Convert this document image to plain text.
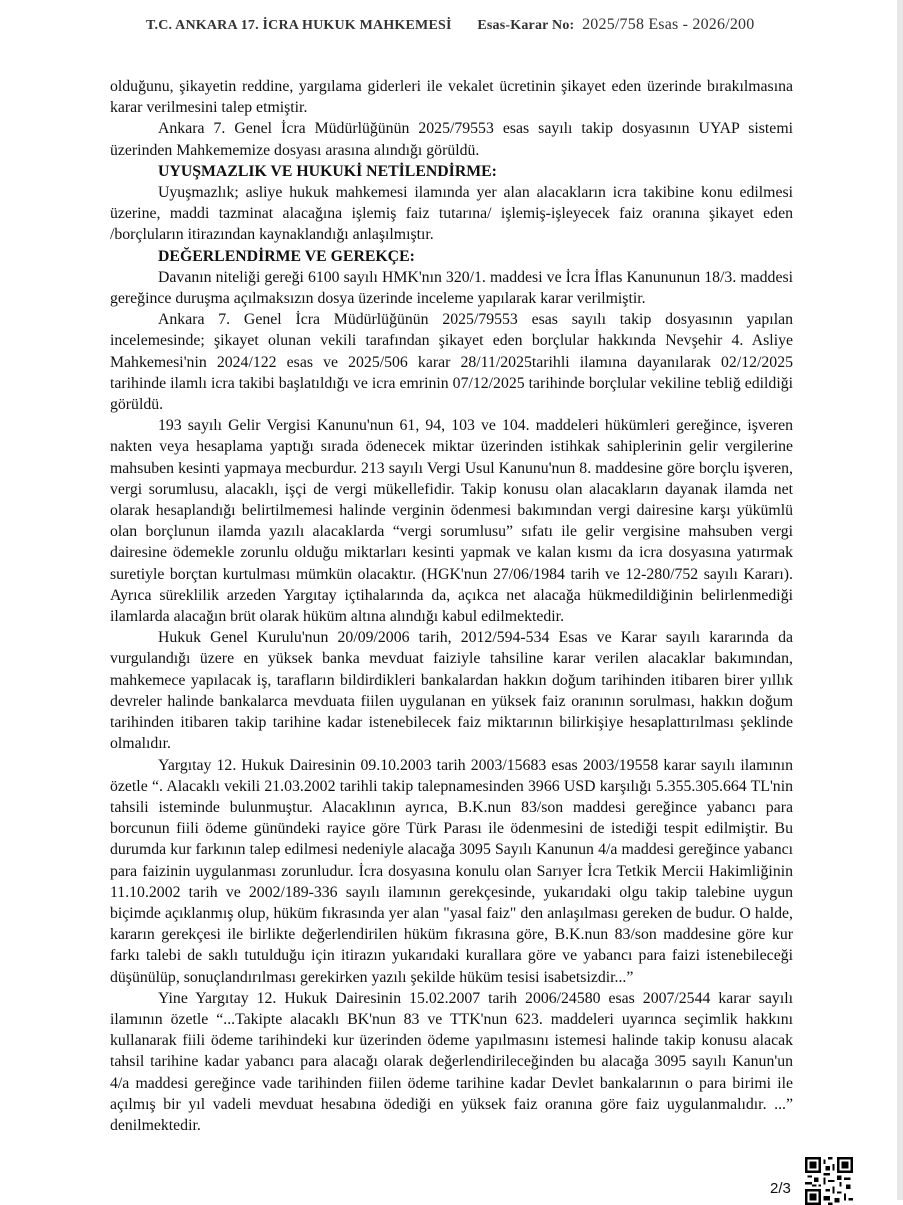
T.C. ANKARA 17. İCRA HUKUK MAHKEMESİ Esas-Karar No: 2025/758 Esas - 2026/200

olduğunu, şikayetin reddine, yargılama giderleri ile vekalet ücretinin şikayet eden üzerinde bırakılmasına karar verilmesini talep etmiştir.

Ankara 7. Genel İcra Müdürlüğünün 2025/79553 esas sayılı takip dosyasının UYAP sistemi üzerinden Mahkememize dosyası arasına alındığı görüldü.

UYUŞMAZLIK VE HUKUKİ NETİLENDİRME:

Uyuşmazlık; asliye hukuk mahkemesi ilamında yer alan alacakların icra takibine konu edilmesi üzerine, maddi tazminat alacağına işlemiş faiz tutarına/ işlemiş-işleyecek faiz oranına şikayet eden /borçluların itirazından kaynaklandığı anlaşılmıştır.

DEĞERLENDİRME VE GEREKÇE:

Davanın niteliği gereği 6100 sayılı HMK'nın 320/1. maddesi ve İcra İflas Kanununun 18/3. maddesi gereğince duruşma açılmaksızın dosya üzerinde inceleme yapılarak karar verilmiştir.

Ankara 7. Genel İcra Müdürlüğünün 2025/79553 esas sayılı takip dosyasının yapılan incelemesinde; şikayet olunan vekili tarafından şikayet eden borçlular hakkında Nevşehir 4. Asliye Mahkemesi'nin 2024/122 esas ve 2025/506 karar 28/11/2025tarihli ilamına dayanılarak 02/12/2025 tarihinde ilamlı icra takibi başlatıldığı ve icra emrinin 07/12/2025 tarihinde borçlular vekiline tebliğ edildiği görüldü.

193 sayılı Gelir Vergisi Kanunu'nun 61, 94, 103 ve 104. maddeleri hükümleri gereğince, işveren nakten veya hesaplama yaptığı sırada ödenecek miktar üzerinden istihkak sahiplerinin gelir vergilerine mahsuben kesinti yapmaya mecburdur. 213 sayılı Vergi Usul Kanunu'nun 8. maddesine göre borçlu işveren, vergi sorumlusu, alacaklı, işçi de vergi mükellefidir. Takip konusu olan alacakların dayanak ilamda net olarak hesaplandığı belirtilmemesi halinde verginin ödenmesi bakımından vergi dairesine karşı yükümlü olan borçlunun ilamda yazılı alacaklarda “vergi sorumlusu” sıfatı ile gelir vergisine mahsuben vergi dairesine ödemekle zorunlu olduğu miktarları kesinti yapmak ve kalan kısmı da icra dosyasına yatırmak suretiyle borçtan kurtulması mümkün olacaktır. (HGK'nun 27/06/1984 tarih ve 12-280/752 sayılı Kararı). Ayrıca süreklilik arzeden Yargıtay içtihalarında da, açıkca net alacağa hükmedildiğinin belirlenmediği ilamlarda alacağın brüt olarak hüküm altına alındığı kabul edilmektedir.

Hukuk Genel Kurulu'nun 20/09/2006 tarih, 2012/594-534 Esas ve Karar sayılı kararında da vurgulandığı üzere en yüksek banka mevduat faiziyle tahsiline karar verilen alacaklar bakımından, mahkemece yapılacak iş, tarafların bildirdikleri bankalardan hakkın doğum tarihinden itibaren birer yıllık devreler halinde bankalarca mevduata fiilen uygulanan en yüksek faiz oranının sorulması, hakkın doğum tarihinden itibaren takip tarihine kadar istenebilecek faiz miktarının bilirkişiye hesaplattırılması şeklinde olmalıdır.

Yargıtay 12. Hukuk Dairesinin 09.10.2003 tarih 2003/15683 esas 2003/19558 karar sayılı ilamının özetle “. Alacaklı vekili 21.03.2002 tarihli takip talepnamesinden 3966 USD karşılığı 5.355.305.664 TL'nin tahsili isteminde bulunmuştur. Alacaklının ayrıca, B.K.nun 83/son maddesi gereğince yabancı para borcunun fiili ödeme günündeki rayice göre Türk Parası ile ödenmesini de istediği tespit edilmiştir. Bu durumda kur farkının talep edilmesi nedeniyle alacağa 3095 Sayılı Kanunun 4/a maddesi gereğince yabancı para faizinin uygulanması zorunludur. İcra dosyasına konulu olan Sarıyer İcra Tetkik Mercii Hakimliğinin 11.10.2002 tarih ve 2002/189-336 sayılı ilamının gerekçesinde, yukarıdaki olgu takip talebine uygun biçimde açıklanmış olup, hüküm fıkrasında yer alan "yasal faiz" den anlaşılması gereken de budur. O halde, kararın gerekçesi ile birlikte değerlendirilen hüküm fıkrasına göre, B.K.nun 83/son maddesine göre kur farkı talebi de saklı tutulduğu için itirazın yukarıdaki kurallara göre ve yabancı para faizi istenebileceği düşünülüp, sonuçlandırılması gerekirken yazılı şekilde hüküm tesisi isabetsizdir...”

Yine Yargıtay 12. Hukuk Dairesinin 15.02.2007 tarih 2006/24580 esas 2007/2544 karar sayılı ilamının özetle “...Takipte alacaklı BK'nun 83 ve TTK'nun 623. maddeleri uyarınca seçimlik hakkını kullanarak fiili ödeme tarihindeki kur üzerinden ödeme yapılmasını istemesi halinde takip konusu alacak tahsil tarihine kadar yabancı para alacağı olarak değerlendirileceğinden bu alacağa 3095 sayılı Kanun'un 4/a maddesi gereğince vade tarihinden fiilen ödeme tarihine kadar Devlet bankalarının o para birimi ile açılmış bir yıl vadeli mevduat hesabına ödediği en yüksek faiz oranına göre faiz uygulanmalıdır. ...” denilmektedir.

2/3
